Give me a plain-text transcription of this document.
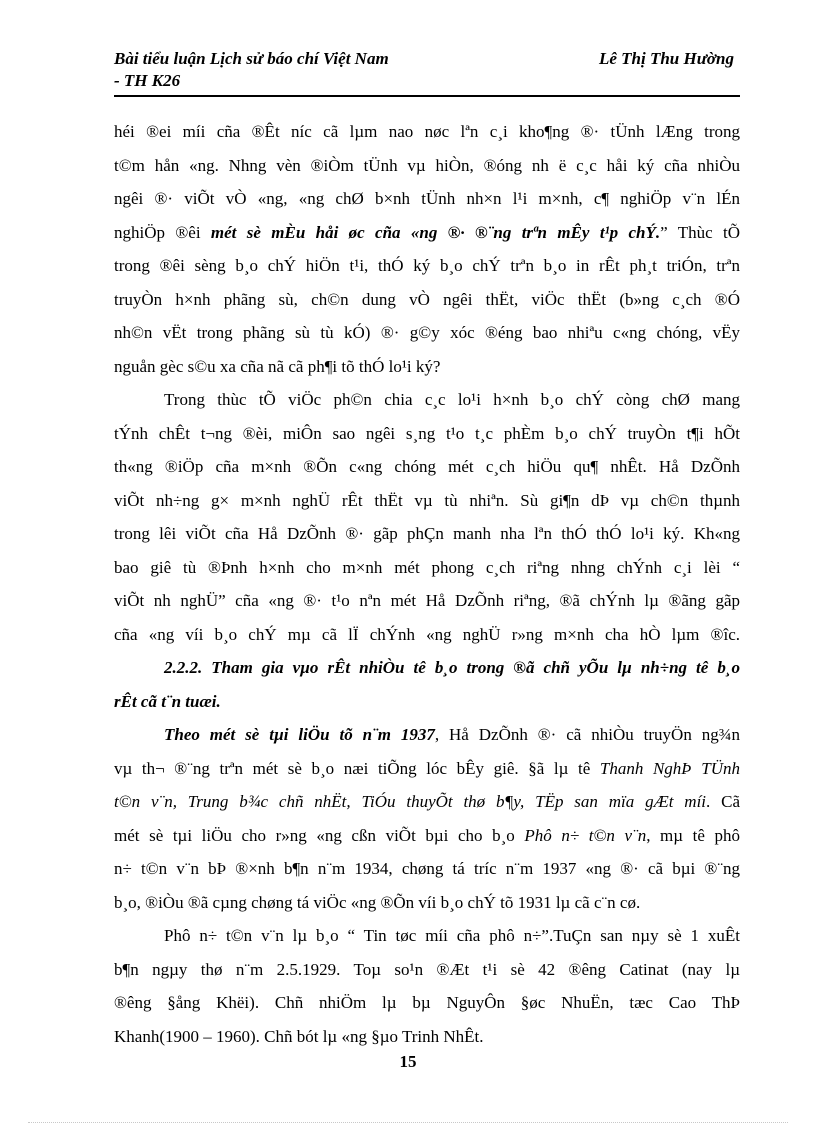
Bài tiểu luận Lịch sử báo chí Việt Nam
- TH K26
Lê Thị Thu Hường
héi ®ei míi cña ®Êt níc cã lµm nao nøc lªn c¸i kho¶ng ®· tÜnh lÆng trong
t©m hån «ng. Nhng vèn ®iÒm tÜnh vµ hiÒn, ®óng nh ë c¸c håi ký cña nhiÒu
ngêi ®· viÕt vÒ «ng, «ng chØ b×nh tÜnh nh×n l¹i m×nh, c¶ nghiÖp v¨n lÉn
nghiÖp ®êi mét sè mÈu håi øc cña «ng ®· ®¨ng trªn mÊy t¹p chÝ.” Thùc tÕ
trong ®êi sèng b¸o chÝ hiÖn t¹i, thÓ ký b¸o chÝ trªn b¸o in rÊt ph¸t triÓn, trªn
truyÒn h×nh phãng sù, ch©n dung vÒ ngêi thËt, viÖc thËt (b»ng c¸ch ®Ó
nh©n vËt trong phãng sù tù kÓ) ®· g©y xóc ®éng bao nhiªu c«ng chóng, vËy
nguån gèc s©u xa cña nã cã ph¶i tõ thÓ lo¹i ký?
Trong thùc tÕ viÖc ph©n chia c¸c lo¹i h×nh b¸o chÝ còng chØ mang
tÝnh chÊt t¬ng ®èi, miÔn sao ngêi s¸ng t¹o t¸c phÈm b¸o chÝ truyÒn t¶i hÕt
th«ng ®iÖp cña m×nh ®Õn c«ng chóng mét c¸ch hiÖu qu¶ nhÊt. Hå DzÕnh
viÕt nh÷ng g× m×nh nghÜ rÊt thËt vµ tù nhiªn. Sù gi¶n dÞ vµ ch©n thµnh
trong lêi viÕt cña Hå DzÕnh ®· gãp phÇn manh nha lªn thÓ thÓ lo¹i ký. Kh«ng
bao giê tù ®Þnh h×nh cho m×nh mét phong c¸ch riªng nhng chÝnh c¸i lèi “
viÕt nh nghÜ” cña «ng ®· t¹o nªn mét Hå DzÕnh riªng, ®ã chÝnh lµ ®ãng gãp
cña «ng víi b¸o chÝ mµ cã lÏ chÝnh «ng nghÜ r»ng m×nh cha hÒ lµm ®îc.
2.2.2. Tham gia vµo rÊt nhiÒu tê b¸o trong ®ã chñ yÕu lµ nh÷ng tê b¸o
rÊt cã t¨n tuæi.
Theo mét sè tµi liÖu tõ n¨m 1937, Hå DzÕnh ®· cã nhiÒu truyÖn ng¾n
vµ th¬ ®¨ng trªn mét sè b¸o næi tiÕng lóc bÊy giê. §ã lµ tê Thanh NghÞ TÜnh
t©n v¨n, Trung b¾c chñ nhËt, TiÓu thuyÕt thø b¶y, TËp san mïa gÆt míi. Cã
mét sè tµi liÖu cho r»ng «ng cßn viÕt bµi cho b¸o Phô n÷ t©n v¨n, mµ tê phô
n÷ t©n v¨n bÞ ®×nh b¶n n¨m 1934, chøng tá tríc n¨m 1937 «ng ®· cã bµi ®¨ng
b¸o, ®iÒu ®ã cµng chøng tá viÖc «ng ®Õn víi b¸o chÝ tõ 1931 lµ cã c¨n cø.
Phô n÷ t©n v¨n lµ b¸o “ Tin tøc míi cña phô n÷”.TuÇn san nµy sè 1 xuÊt
b¶n ngµy thø n¨m 2.5.1929. Toµ so¹n ®Æt t¹i sè 42 ®êng Catinat (nay lµ
®êng §ång Khëi). Chñ nhiÖm lµ bµ NguyÔn §øc NhuËn, tæc Cao ThÞ
Khanh(1900 – 1960). Chñ bót lµ «ng §µo Trinh NhÊt.
15
